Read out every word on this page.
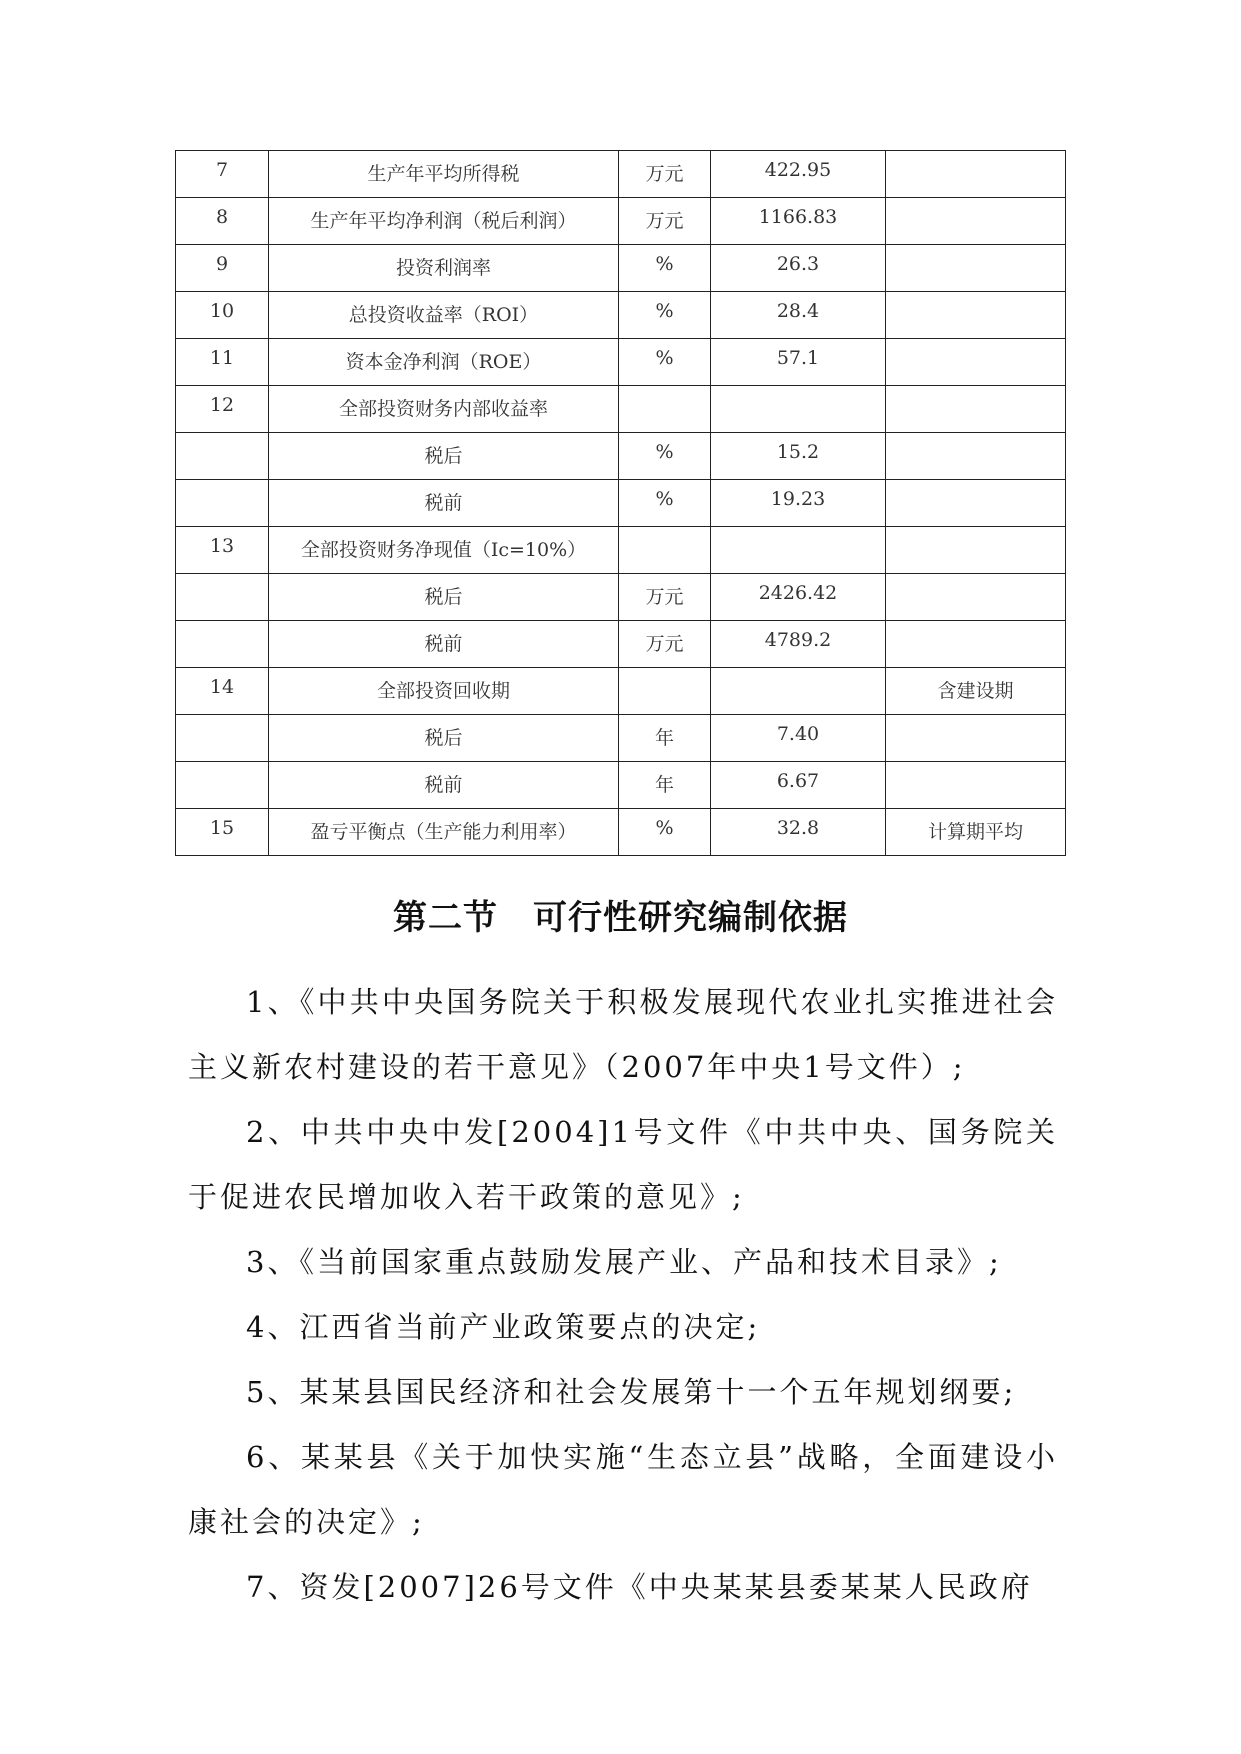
7	生产年平均所得税	万元	422.95	
8	生产年平均净利润（税后利润）	万元	1166.83	
9	投资利润率	%	26.3	
10	总投资收益率（ROI）	%	28.4	
11	资本金净利润（ROE）	%	57.1	
12	全部投资财务内部收益率			
	税后	%	15.2	
	税前	%	19.23	
13	全部投资财务净现值（Ic=10%）			
	税后	万元	2426.42	
	税前	万元	4789.2	
14	全部投资回收期			含建设期
	税后	年	7.40	
	税前	年	6.67	
15	盈亏平衡点（生产能力利用率）	%	32.8	计算期平均
第二节　可行性研究编制依据

1、《中共中央国务院关于积极发展现代农业扎实推进社会主义新农村建设的若干意见》（2007年中央1号文件）;

2、中共中央中发[2004]1号文件《中共中央、国务院关于促进农民增加收入若干政策的意见》;

3、《当前国家重点鼓励发展产业、产品和技术目录》;

4、江西省当前产业政策要点的决定;

5、某某县国民经济和社会发展第十一个五年规划纲要;

6、某某县《关于加快实施“生态立县”战略，全面建设小康社会的决定》;

7、资发[2007]26号文件《中央某某县委某某人民政府
